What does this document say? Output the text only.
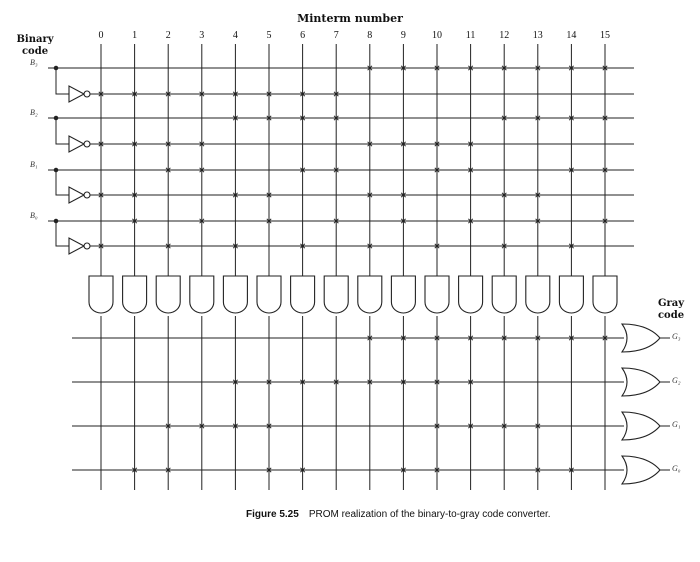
Minterm number
Binary
code
Gray
code
0	1	2	3	4	5	6	7	8	9	10	11	12	13	14	15
B₃
B₂
B₁
B₀
G₃
G₂
G₁
G₀
Figure 5.25 PROM realization of the binary-to-gray code converter.
